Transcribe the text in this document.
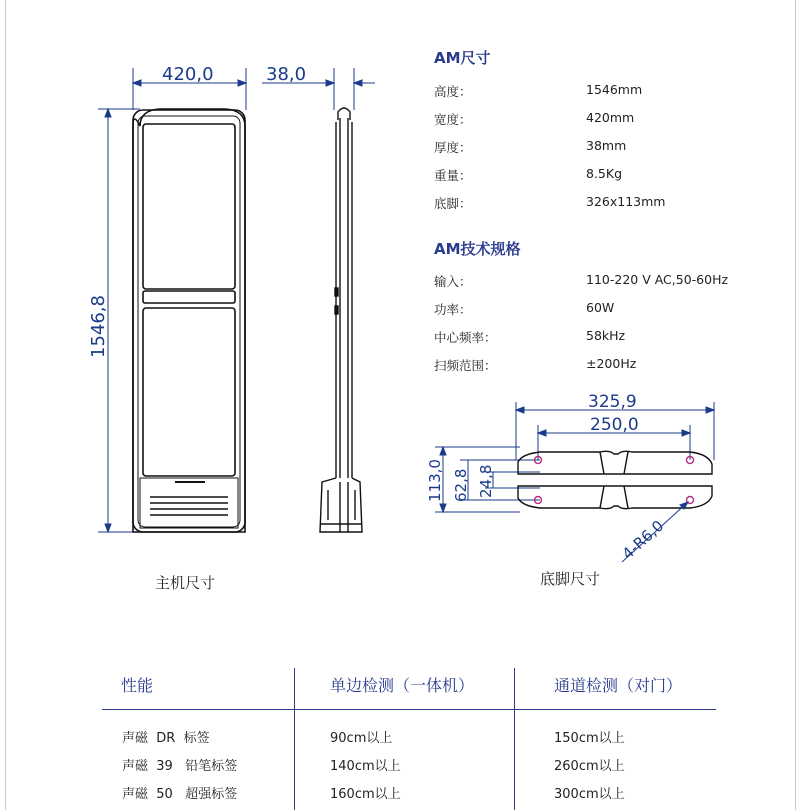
420,0	38,0
1546,8
主机尺寸
AM尺寸
高度：	1546mm
宽度：	420mm
厚度：	38mm
重量：	8.5Kg
底脚：	326x113mm
AM技术规格
输入：	110-220 V AC,50-60Hz
功率：	60W
中心频率：	58kHz
扫频范围：	±200Hz
325,9
250,0
113,0 62,8 24,8
4-R6,0
底脚尺寸
性能	单边检测（一体机）	通道检测（对门）
声磁  DR  标签	90cm以上	150cm以上
声磁  39   铅笔标签	140cm以上	260cm以上
声磁  50   超强标签	160cm以上	300cm以上
